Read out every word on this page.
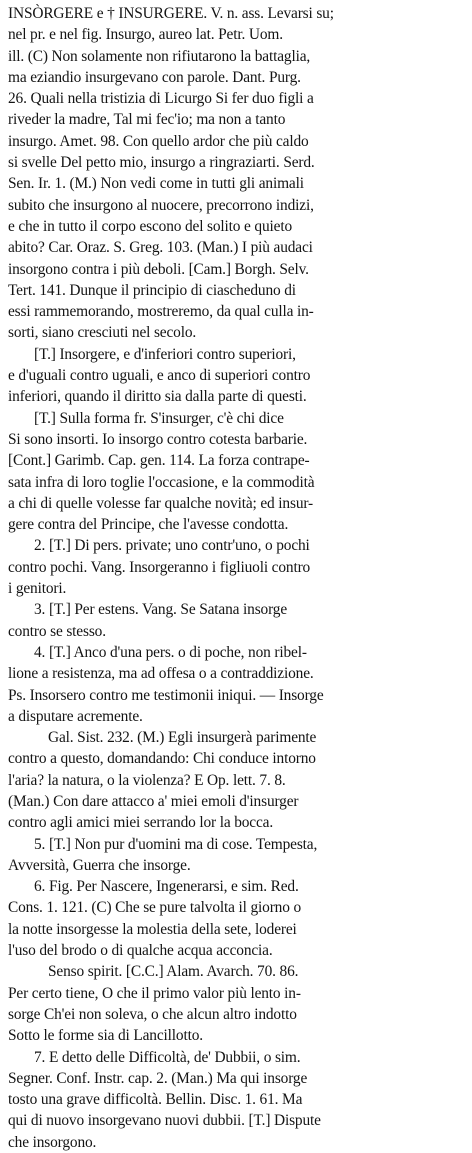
INSÒRGERE e † INSURGERE. V. n. ass. Levarsi su;
nel pr. e nel fig. Insurgo, aureo lat. Petr. Uom.
ill. (C) Non solamente non rifiutarono la battaglia,
ma eziandio insurgevano con parole. Dant. Purg.
26. Quali nella tristizia di Licurgo Si fer duo figli a
riveder la madre, Tal mi fec'io; ma non a tanto
insurgo. Amet. 98. Con quello ardor che più caldo
si svelle Del petto mio, insurgo a ringraziarti. Serd.
Sen. Ir. 1. (M.) Non vedi come in tutti gli animali
subito che insurgono al nuocere, precorrono indizi,
e che in tutto il corpo escono del solito e quieto
abito? Car. Oraz. S. Greg. 103. (Man.) I più audaci
insorgono contra i più deboli. [Cam.] Borgh. Selv.
Tert. 141. Dunque il principio di ciascheduno di
essi rammemorando, mostreremo, da qual culla in-
sorti, siano cresciuti nel secolo.
[T.] Insorgere, e d'inferiori contro superiori,
e d'uguali contro uguali, e anco di superiori contro
inferiori, quando il diritto sia dalla parte di questi.
[T.] Sulla forma fr. S'insurger, c'è chi dice
Si sono insorti. Io insorgo contro cotesta barbarie.
[Cont.] Garimb. Cap. gen. 114. La forza contrape-
sata infra di loro toglie l'occasione, e la commodità
a chi di quelle volesse far qualche novità; ed insur-
gere contra del Principe, che l'avesse condotta.
2. [T.] Di pers. private; uno contr'uno, o pochi
contro pochi. Vang. Insorgeranno i figliuoli contro
i genitori.
3. [T.] Per estens. Vang. Se Satana insorge
contro se stesso.
4. [T.] Anco d'una pers. o di poche, non ribel-
lione a resistenza, ma ad offesa o a contraddizione.
Ps. Insorsero contro me testimonii iniqui. — Insorge
a disputare acremente.
Gal. Sist. 232. (M.) Egli insurgerà parimente
contro a questo, domandando: Chi conduce intorno
l'aria? la natura, o la violenza? E Op. lett. 7. 8.
(Man.) Con dare attacco a' miei emoli d'insurger
contro agli amici miei serrando lor la bocca.
5. [T.] Non pur d'uomini ma di cose. Tempesta,
Avversità, Guerra che insorge.
6. Fig. Per Nascere, Ingenerarsi, e sim. Red.
Cons. 1. 121. (C) Che se pure talvolta il giorno o
la notte insorgesse la molestia della sete, loderei
l'uso del brodo o di qualche acqua acconcia.
Senso spirit. [C.C.] Alam. Avarch. 70. 86.
Per certo tiene, O che il primo valor più lento in-
sorge Ch'ei non soleva, o che alcun altro indotto
Sotto le forme sia di Lancillotto.
7. E detto delle Difficoltà, de' Dubbii, o sim.
Segner. Conf. Instr. cap. 2. (Man.) Ma qui insorge
tosto una grave difficoltà. Bellin. Disc. 1. 61. Ma
qui di nuovo insorgevano nuovi dubbii. [T.] Dispute
che insorgono.
